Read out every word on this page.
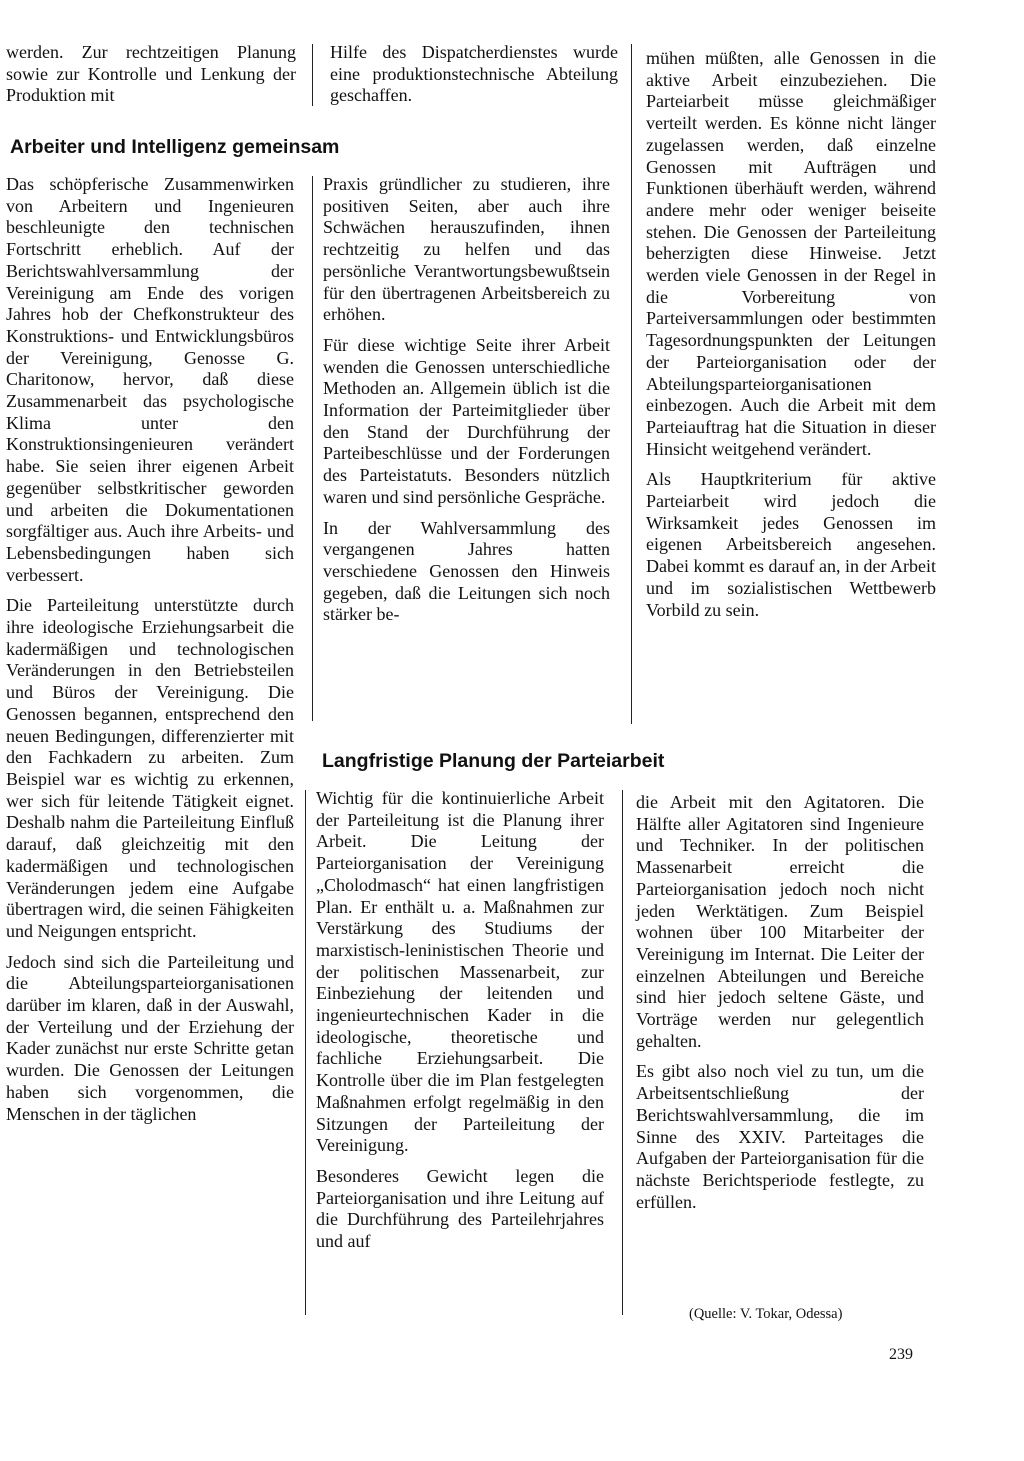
werden. Zur rechtzeitigen Planung sowie zur Kontrolle und Lenkung der Produktion mit

Hilfe des Dispatcherdienstes wurde eine produktionstechnische Abteilung geschaffen.

Arbeiter und Intelligenz gemeinsam

Das schöpferische Zusammenwirken von Arbeitern und Ingenieuren beschleunigte den technischen Fortschritt erheblich. Auf der Berichtswahlversammlung der Vereinigung am Ende des vorigen Jahres hob der Chefkonstrukteur des Konstruktions- und Entwicklungsbüros der Vereinigung, Genosse G. Charitonow, hervor, daß diese Zusammenarbeit das psychologische Klima unter den Konstruktionsingenieuren verändert habe. Sie seien ihrer eigenen Arbeit gegenüber selbstkritischer geworden und arbeiten die Dokumentationen sorgfältiger aus. Auch ihre Arbeits- und Lebensbedingungen haben sich verbessert.

Die Parteileitung unterstützte durch ihre ideologische Erziehungsarbeit die kadermäßigen und technologischen Veränderungen in den Betriebsteilen und Büros der Vereinigung. Die Genossen begannen, entsprechend den neuen Bedingungen, differenzierter mit den Fachkadern zu arbeiten. Zum Beispiel war es wichtig zu erkennen, wer sich für leitende Tätigkeit eignet. Deshalb nahm die Parteileitung Einfluß darauf, daß gleichzeitig mit den kadermäßigen und technologischen Veränderungen jedem eine Aufgabe übertragen wird, die seinen Fähigkeiten und Neigungen entspricht.

Jedoch sind sich die Parteileitung und die Abteilungsparteiorganisationen darüber im klaren, daß in der Auswahl, der Verteilung und der Erziehung der Kader zunächst nur erste Schritte getan wurden. Die Genossen der Leitungen haben sich vorgenommen, die Menschen in der täglichen

Praxis gründlicher zu studieren, ihre positiven Seiten, aber auch ihre Schwächen herauszufinden, ihnen rechtzeitig zu helfen und das persönliche Verantwortungsbewußtsein für den übertragenen Arbeitsbereich zu erhöhen.

Für diese wichtige Seite ihrer Arbeit wenden die Genossen unterschiedliche Methoden an. Allgemein üblich ist die Information der Parteimitglieder über den Stand der Durchführung der Parteibeschlüsse und der Forderungen des Parteistatuts. Besonders nützlich waren und sind persönliche Gespräche.

In der Wahlversammlung des vergangenen Jahres hatten verschiedene Genossen den Hinweis gegeben, daß die Leitungen sich noch stärker be-

mühen müßten, alle Genossen in die aktive Arbeit einzubeziehen. Die Parteiarbeit müsse gleichmäßiger verteilt werden. Es könne nicht länger zugelassen werden, daß einzelne Genossen mit Aufträgen und Funktionen überhäuft werden, während andere mehr oder weniger beiseite stehen. Die Genossen der Parteileitung beherzigten diese Hinweise. Jetzt werden viele Genossen in der Regel in die Vorbereitung von Parteiversammlungen oder bestimmten Tagesordnungspunkten der Leitungen der Parteiorganisation oder der Abteilungsparteiorganisationen einbezogen. Auch die Arbeit mit dem Parteiauftrag hat die Situation in dieser Hinsicht weitgehend verändert.

Als Hauptkriterium für aktive Parteiarbeit wird jedoch die Wirksamkeit jedes Genossen im eigenen Arbeitsbereich angesehen. Dabei kommt es darauf an, in der Arbeit und im sozialistischen Wettbewerb Vorbild zu sein.

Langfristige Planung der Parteiarbeit

Wichtig für die kontinuierliche Arbeit der Parteileitung ist die Planung ihrer Arbeit. Die Leitung der Parteiorganisation der Vereinigung „Cholodmasch“ hat einen langfristigen Plan. Er enthält u. a. Maßnahmen zur Verstärkung des Studiums der marxistisch-leninistischen Theorie und der politischen Massenarbeit, zur Einbeziehung der leitenden und ingenieurtechnischen Kader in die ideologische, theoretische und fachliche Erziehungsarbeit. Die Kontrolle über die im Plan festgelegten Maßnahmen erfolgt regelmäßig in den Sitzungen der Parteileitung der Vereinigung.

Besonderes Gewicht legen die Parteiorganisation und ihre Leitung auf die Durchführung des Parteilehrjahres und auf

die Arbeit mit den Agitatoren. Die Hälfte aller Agitatoren sind Ingenieure und Techniker. In der politischen Massenarbeit erreicht die Parteiorganisation jedoch noch nicht jeden Werktätigen. Zum Beispiel wohnen über 100 Mitarbeiter der Vereinigung im Internat. Die Leiter der einzelnen Abteilungen und Bereiche sind hier jedoch seltene Gäste, und Vorträge werden nur gelegentlich gehalten.

Es gibt also noch viel zu tun, um die Arbeitsentschließung der Berichtswahlversammlung, die im Sinne des XXIV. Parteitages die Aufgaben der Parteiorganisation für die nächste Berichtsperiode festlegte, zu erfüllen.

(Quelle: V. Tokar, Odessa)
239
